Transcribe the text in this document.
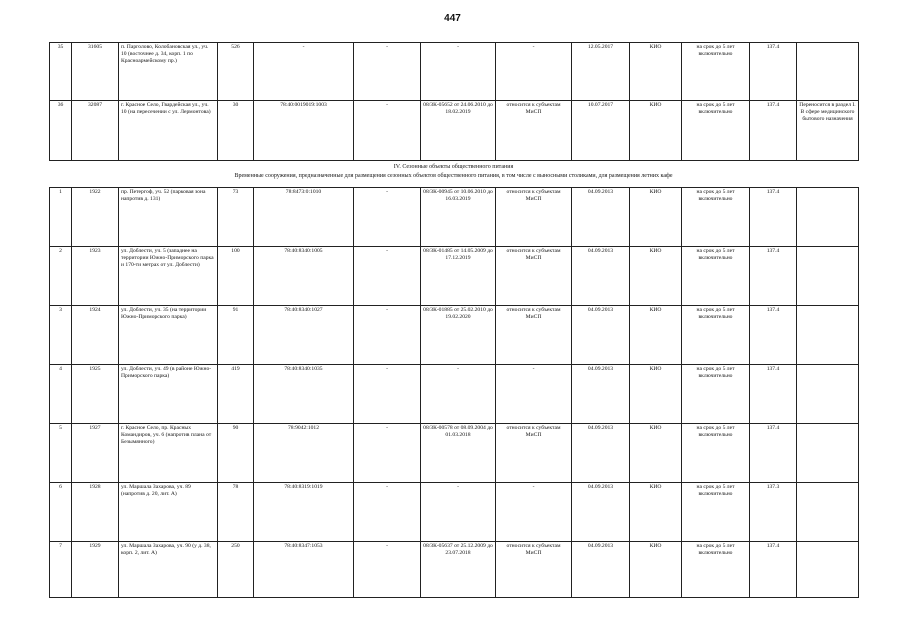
447
35	31605	п. Парголово, Колобановская ул., уч. 10 (восточнее д. 34, корп. 1 по Красноармейскому пр.)	526	-	-	-	-	12.05.2017	КИО	на срок до 5 лет включительно	137.4	
36	32087	г. Красное Село, Гвардейская ул., уч. 10 (на пересечении с ул. Лермонтова)	30	78:40:0019019:1003	-	08/ЗК-05652 от 24.06.2010 до 18.02.2019	относится к субъектам МиСП	10.07.2017	КИО	на срок до 5 лет включительно	137.4	Переносится в раздел I. В сфере медицинского бытового назначения
IV. Сезонные объекты общественного питания
Временные сооружения, предназначенные для размещения сезонных объектов общественного питания, в том числе с выносными столиками, для размещения летних кафе
1	1922	пр. Петергоф, уч. 52 (парковая зона напротив д. 131)	73	78:8473:0:1010	-	08/ЗК-00945 от 10.06.2010 до 16.03.2019	относится к субъектам МиСП	04.09.2013	КИО	на срок до 5 лет включительно	137.4	
2	1923	ул. Доблести, уч. 5 (западнее на территории Южно-Приморского парка и 170-ти метрах от ул. Доблести)	100	78:40:8340:1005	-	08/ЗК-01485 от 14.05.2009 до 17.12.2019	относится к субъектам МиСП	04.09.2013	КИО	на срок до 5 лет включительно	137.4	
3	1924	ул. Доблести, уч. 35 (на территории Южно-Приморского парка)	91	78:40:8340:1027	-	08/ЗК-01885 от 25.02.2010 до 19.02.2020	относится к субъектам МиСП	04.09.2013	КИО	на срок до 5 лет включительно	137.4	
4	1925	ул. Доблести, уч. 49 (в районе Южно-Приморского парка)	419	78:40:8340:1035	-	-	-	04.09.2013	КИО	на срок до 5 лет включительно	137.4	
5	1927	г. Красное Село, пр. Красных Командиров, уч. 6 (напротив плана от Безымянного)	90	78:9042:1012	-	08/ЗК-00578 от 08.09.2004 до 01.03.2018	относится к субъектам МиСП	04.09.2013	КИО	на срок до 5 лет включительно	137.4	
6	1928	ул. Маршала Захарова, уч. 89 (напротив д. 20, лит. А)	78	78:40:8319:1019	-	-	-	04.09.2013	КИО	на срок до 5 лет включительно	137.3	
7	1929	ул. Маршала Захарова, уч. 90 (у д. 38, корп. 2, лит. А)	250	78:40:8347:1053	-	08/ЗК-05637 от 25.12.2009 до 23.07.2018	относится к субъектам МиСП	04.09.2013	КИО	на срок до 5 лет включительно	137.4	
